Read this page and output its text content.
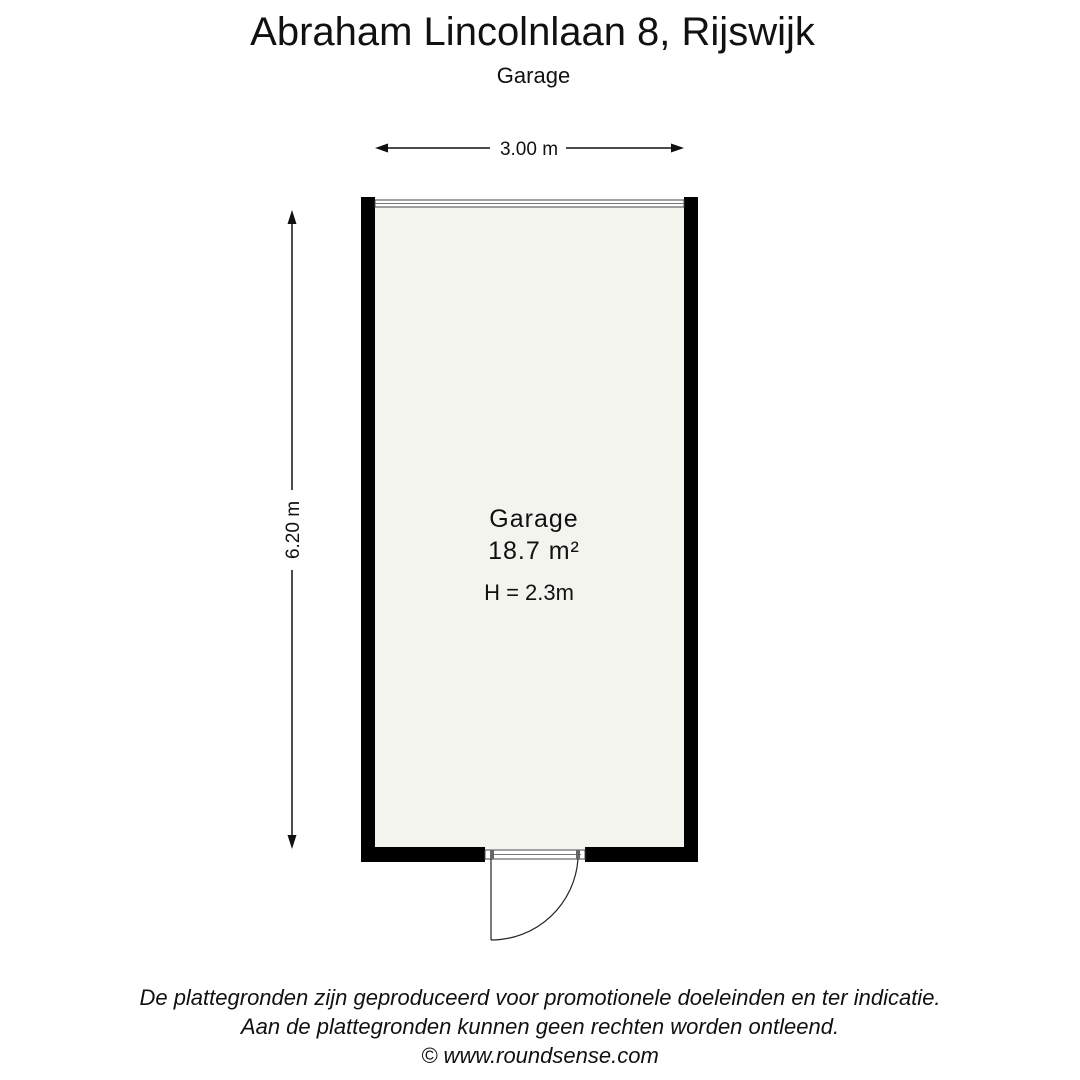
Abraham Lincolnlaan 8, Rijswijk
Garage
3.00 m
6.20 m	Garage
18.7 m²
H = 2.3m
De plattegronden zijn geproduceerd voor promotionele doeleinden en ter indicatie.
Aan de plattegronden kunnen geen rechten worden ontleend.
© www.roundsense.com
